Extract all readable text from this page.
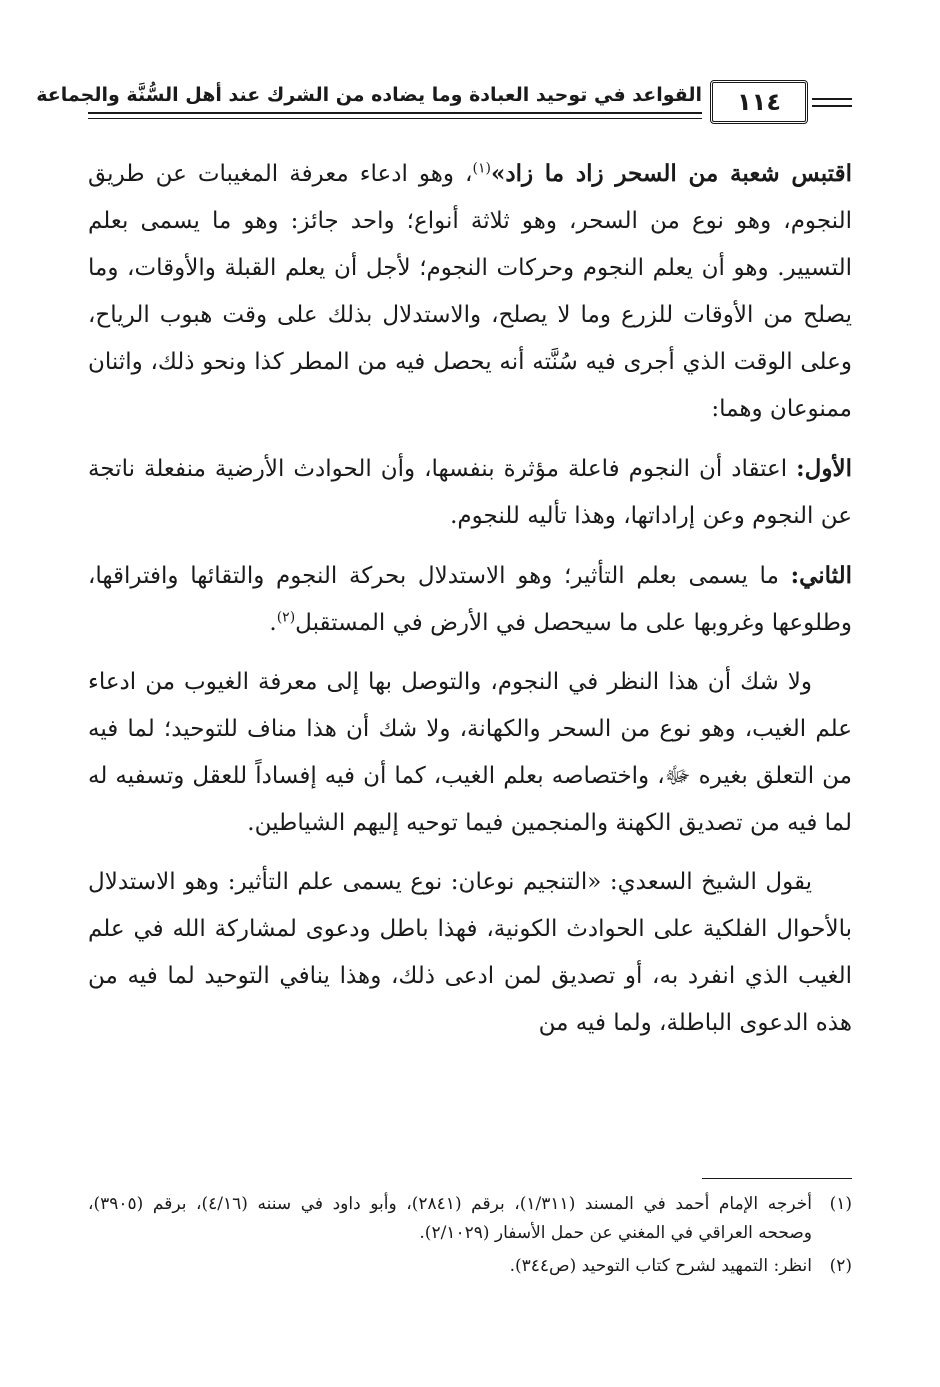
القواعد في توحيد العبادة وما يضاده من الشرك عند أهل السُّنَّة والجماعة ١١٤

اقتبس شعبة من السحر زاد ما زاد»$^{(١)}$، وهو ادعاء معرفة المغيبات عن طريق النجوم، وهو نوع من السحر، وهو ثلاثة أنواع؛ واحد جائز: وهو ما يسمى بعلم التسيير. وهو أن يعلم النجوم وحركات النجوم؛ لأجل أن يعلم القبلة والأوقات، وما يصلح من الأوقات للزرع وما لا يصلح، والاستدلال بذلك على وقت هبوب الرياح، وعلى الوقت الذي أجرى فيه سُنَّته أنه يحصل فيه من المطر كذا ونحو ذلك، واثنان ممنوعان وهما:

الأول: اعتقاد أن النجوم فاعلة مؤثرة بنفسها، وأن الحوادث الأرضية منفعلة ناتجة عن النجوم وعن إراداتها، وهذا تأليه للنجوم.

الثاني: ما يسمى بعلم التأثير؛ وهو الاستدلال بحركة النجوم والتقائها وافتراقها، وطلوعها وغروبها على ما سيحصل في الأرض في المستقبل$^{(٢)}$.

ولا شك أن هذا النظر في النجوم، والتوصل بها إلى معرفة الغيوب من ادعاء علم الغيب، وهو نوع من السحر والكهانة، ولا شك أن هذا مناف للتوحيد؛ لما فيه من التعلق بغيره ﷻ، واختصاصه بعلم الغيب، كما أن فيه إفساداً للعقل وتسفيه له لما فيه من تصديق الكهنة والمنجمين فيما توحيه إليهم الشياطين.

يقول الشيخ السعدي: «التنجيم نوعان: نوع يسمى علم التأثير: وهو الاستدلال بالأحوال الفلكية على الحوادث الكونية، فهذا باطل ودعوى لمشاركة الله في علم الغيب الذي انفرد به، أو تصديق لمن ادعى ذلك، وهذا ينافي التوحيد لما فيه من هذه الدعوى الباطلة، ولما فيه من

(١)
أخرجه الإمام أحمد في المسند (١/٣١١)، برقم (٢٨٤١)، وأبو داود في سننه (٤/١٦)، برقم (٣٩٠٥)، وصححه العراقي في المغني عن حمل الأسفار (٢/١٠٢٩).
(٢)
انظر: التمهيد لشرح كتاب التوحيد (ص٣٤٤).
